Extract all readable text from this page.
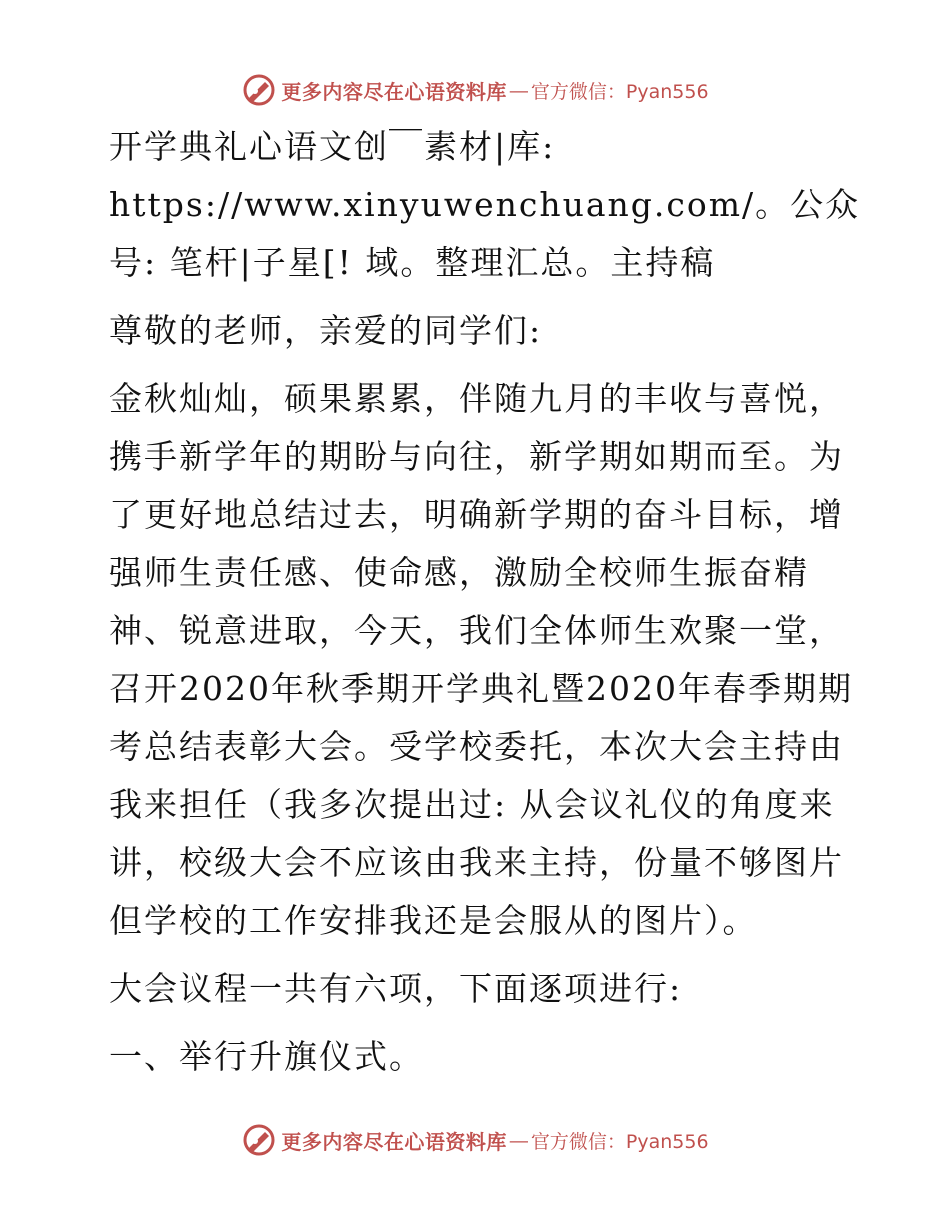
更多内容尽在心语资料库 — 官方微信：Pyan556

开学典礼心语文创￣素材|库: https://www.xinyuwenchuang.com/。公众号: 笔杆|子星[! 域。整理汇总。主持稿

尊敬的老师，亲爱的同学们:

金秋灿灿，硕果累累，伴随九月的丰收与喜悦，携手新学年的期盼与向往，新学期如期而至。为了更好地总结过去，明确新学期的奋斗目标，增强师生责任感、使命感，激励全校师生振奋精神、锐意进取，今天，我们全体师生欢聚一堂，召开2020年秋季期开学典礼暨2020年春季期期考总结表彰大会。受学校委托，本次大会主持由我来担任（我多次提出过: 从会议礼仪的角度来讲，校级大会不应该由我来主持，份量不够图片但学校的工作安排我还是会服从的图片）。

大会议程一共有六项，下面逐项进行:

一、举行升旗仪式。

更多内容尽在心语资料库 — 官方微信：Pyan556
